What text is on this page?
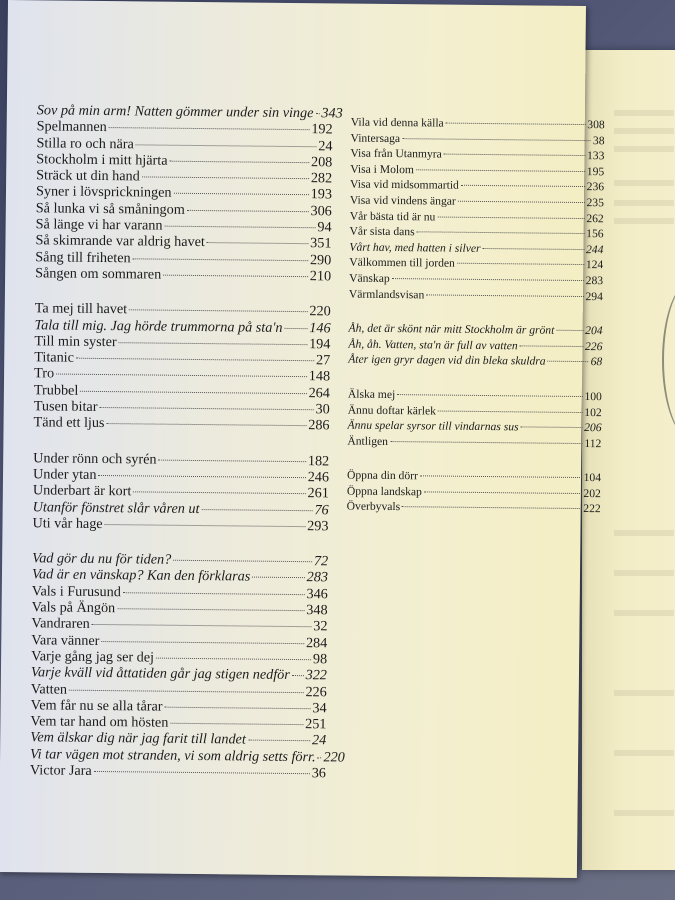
Sov på min arm! Natten gömmer under sin vinge 343
Spelmannen	192
Stilla ro och nära	24
Stockholm i mitt hjärta	208
Sträck ut din hand	282
Syner i lövsprickningen	193
Så lunka vi så småningom	306
Så länge vi har varann	94
Så skimrande var aldrig havet	351
Sång till friheten	290
Sången om sommaren	210
Ta mej till havet	220
Tala till mig. Jag hörde trummorna på sta'n 146
Till min syster	194
Titanic	27
Tro	148
Trubbel	264
Tusen bitar	30
Tänd ett ljus	286
Under rönn och syrén	182
Under ytan	246
Underbart är kort	261
Utanför fönstret slår våren ut	76
Uti vår hage	293
Vad gör du nu för tiden?	72
Vad är en vänskap? Kan den förklaras	283
Vals i Furusund	346
Vals på Ängön	348
Vandraren	32
Vara vänner	284
Varje gång jag ser dej	98
Varje kväll vid åttatiden går jag stigen nedför 322
Vatten	226
Vem får nu se alla tårar	34
Vem tar hand om hösten	251
Vem älskar dig när jag farit till landet	24
Vi tar vägen mot stranden, vi som aldrig setts förr. 220
Victor Jara	36
Vila vid denna källa	308
Vintersaga	38
Visa från Utanmyra	133
Visa i Molom	195
Visa vid midsommartid	236
Visa vid vindens ängar	235
Vår bästa tid är nu	262
Vår sista dans	156
Vårt hav, med hatten i silver	244
Välkommen till jorden	124
Vänskap	283
Värmlandsvisan	294
Åh, det är skönt när mitt Stockholm är grönt	204
Åh, åh. Vatten, sta'n är full av vatten	226
Åter igen gryr dagen vid din bleka skuldra	68
Älska mej	100
Ännu doftar kärlek	102
Ännu spelar syrsor till vindarnas sus	206
Äntligen	112
Öppna din dörr	104
Öppna landskap	202
Överbyvals	222
